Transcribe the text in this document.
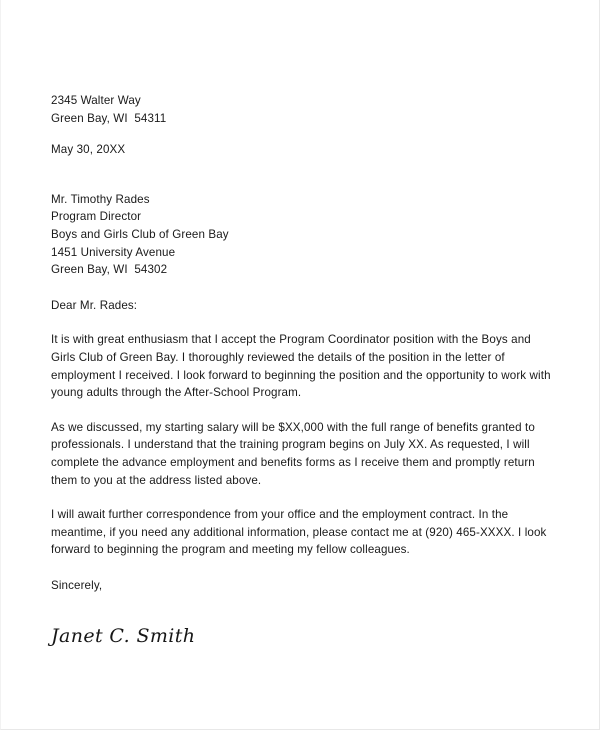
2345 Walter Way
Green Bay, WI  54311
May 30, 20XX
Mr. Timothy Rades
Program Director
Boys and Girls Club of Green Bay
1451 University Avenue
Green Bay, WI  54302

Dear Mr. Rades:

It is with great enthusiasm that I accept the Program Coordinator position with the Boys and Girls Club of Green Bay. I thoroughly reviewed the details of the position in the letter of employment I received. I look forward to beginning the position and the opportunity to work with young adults through the After-School Program.

As we discussed, my starting salary will be $XX,000 with the full range of benefits granted to professionals. I understand that the training program begins on July XX. As requested, I will complete the advance employment and benefits forms as I receive them and promptly return them to you at the address listed above.

I will await further correspondence from your office and the employment contract. In the meantime, if you need any additional information, please contact me at (920) 465-XXXX. I look forward to beginning the program and meeting my fellow colleagues.

Sincerely,

Janet C. Smith
